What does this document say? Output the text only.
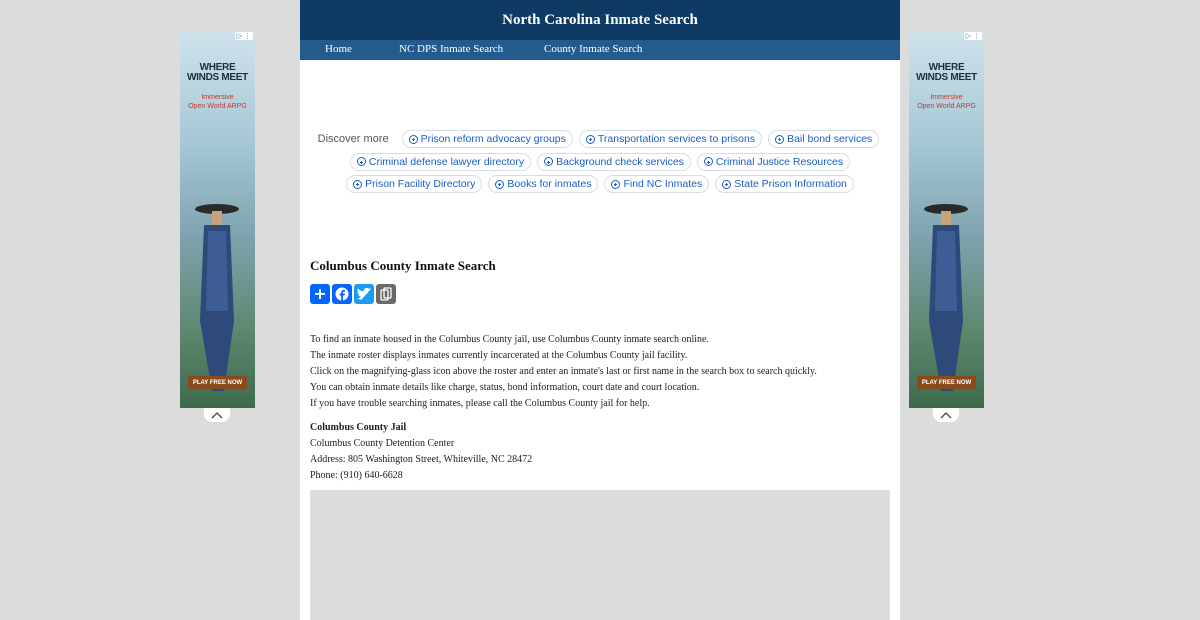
▷ ⋮
WHERE
WINDS MEET
Immersive
Open World ARPG
PLAY FREE NOW
▷ ⋮
WHERE
WINDS MEET
Immersive
Open World ARPG
PLAY FREE NOW
North Carolina Inmate Search
Home	NC DPS Inmate Search	County Inmate Search
Discover more	Prison reform advocacy groups	Transportation services to prisons	Bail bond services
Criminal defense lawyer directory	Background check services	Criminal Justice Resources
Prison Facility Directory	Books for inmates	Find NC Inmates	State Prison Information
Columbus County Inmate Search
To find an inmate housed in the Columbus County jail, use Columbus County inmate search online.
The inmate roster displays inmates currently incarcerated at the Columbus County jail facility.
Click on the magnifying-glass icon above the roster and enter an inmate's last or first name in the search box to search quickly.
You can obtain inmate details like charge, status, bond information, court date and court location.
If you have trouble searching inmates, please call the Columbus County jail for help.
Columbus County Jail
Columbus County Detention Center
Address: 805 Washington Street, Whiteville, NC 28472
Phone: (910) 640-6628
